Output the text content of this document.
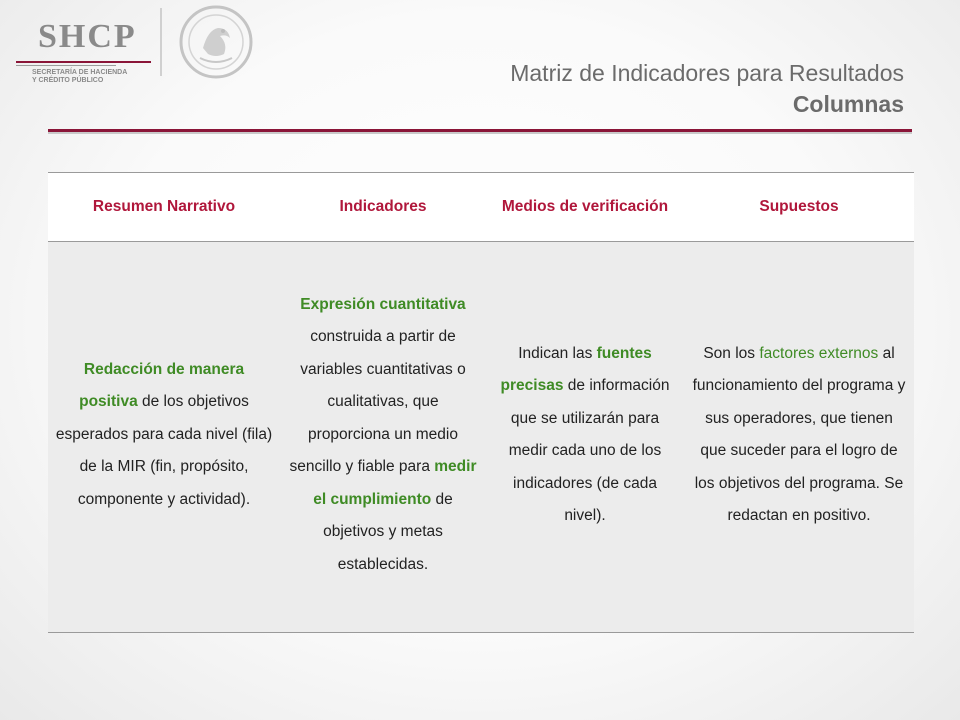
SHCP
SECRETARÍA DE HACIENDA
Y CRÉDITO PÚBLICO	Matriz de Indicadores para Resultados
Columnas
Resumen Narrativo	Indicadores	Medios de verificación	Supuestos
Redacción de manera positiva de los objetivos esperados para cada nivel (fila) de la MIR (fin, propósito, componente y actividad).	Expresión cuantitativa construida a partir de variables cuantitativas o cualitativas, que proporciona un medio sencillo y fiable para medir el cumplimiento de objetivos y metas establecidas.	Indican las fuentes precisas de información que se utilizarán para medir cada uno de los indicadores (de cada nivel).	Son los factores externos al funcionamiento del programa y sus operadores, que tienen que suceder para el logro de los objetivos del programa. Se redactan en positivo.
